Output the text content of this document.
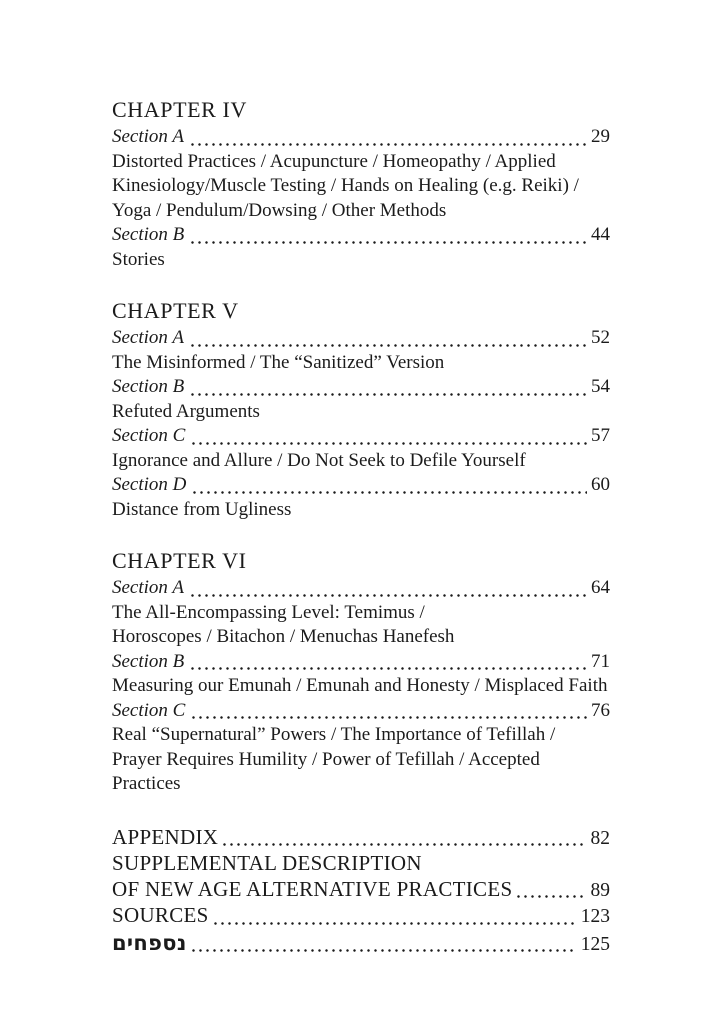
CHAPTER IV
Section A	29
Distorted Practices / Acupuncture / Homeopathy / Applied
Kinesiology/Muscle Testing / Hands on Healing (e.g. Reiki) /
Yoga / Pendulum/Dowsing / Other Methods
Section B	44
Stories
CHAPTER V
Section A	52
The Misinformed / The “Sanitized” Version
Section B	54
Refuted Arguments
Section C	57
Ignorance and Allure / Do Not Seek to Defile Yourself
Section D	60
Distance from Ugliness
CHAPTER VI
Section A	64
The All-Encompassing Level: Temimus /
Horoscopes / Bitachon / Menuchas Hanefesh
Section B	71
Measuring our Emunah / Emunah and Honesty / Misplaced Faith
Section C	76
Real “Supernatural” Powers / The Importance of Tefillah /
Prayer Requires Humility / Power of Tefillah / Accepted Practices
APPENDIX	82
SUPPLEMENTAL DESCRIPTION
OF NEW AGE ALTERNATIVE PRACTICES	89
SOURCES	123
נספחים	125
